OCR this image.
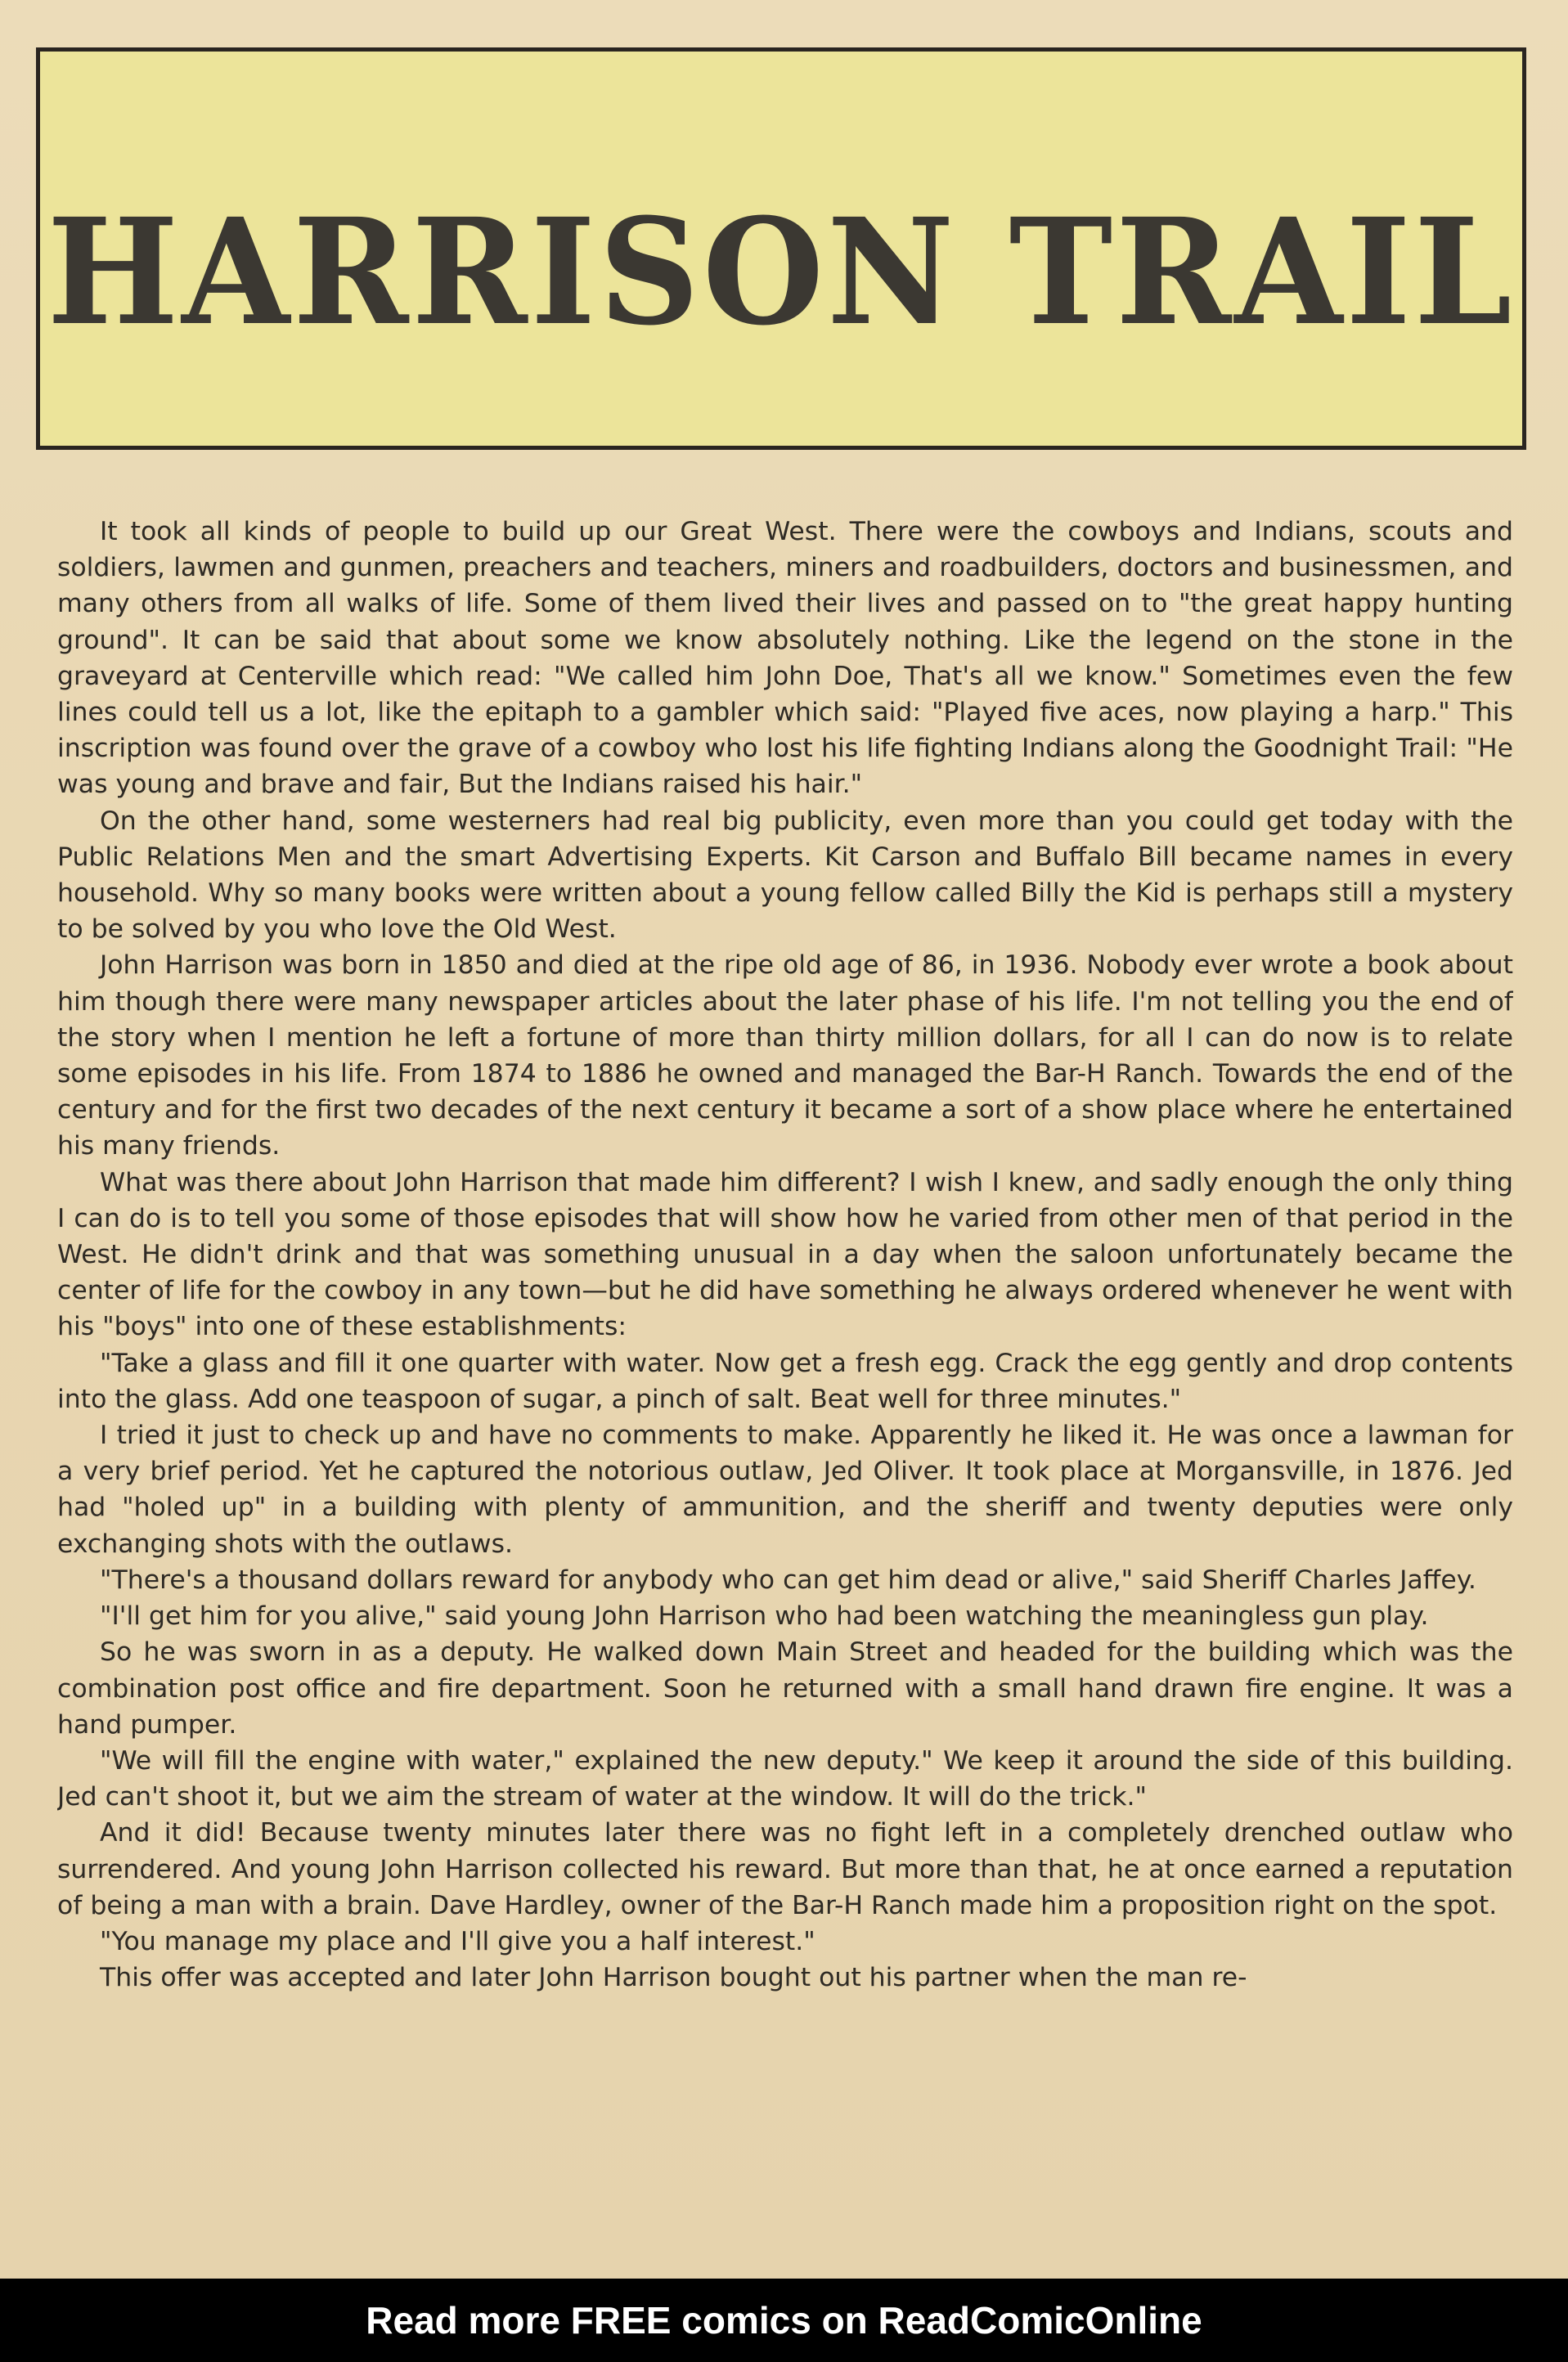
HARRISON TRAIL

It took all kinds of people to build up our Great West. There were the cowboys and Indians, scouts and soldiers, lawmen and gunmen, preachers and teachers, miners and roadbuilders, doctors and businessmen, and many others from all walks of life. Some of them lived their lives and passed on to "the great happy hunting ground". It can be said that about some we know absolutely nothing. Like the legend on the stone in the graveyard at Centerville which read: "We called him John Doe, That's all we know." Sometimes even the few lines could tell us a lot, like the epitaph to a gambler which said: "Played five aces, now playing a harp." This inscription was found over the grave of a cowboy who lost his life fighting Indians along the Goodnight Trail: "He was young and brave and fair, But the Indians raised his hair."

On the other hand, some westerners had real big publicity, even more than you could get today with the Public Relations Men and the smart Advertising Experts. Kit Carson and Buffalo Bill became names in every household. Why so many books were written about a young fellow called Billy the Kid is perhaps still a mystery to be solved by you who love the Old West.

John Harrison was born in 1850 and died at the ripe old age of 86, in 1936. Nobody ever wrote a book about him though there were many newspaper articles about the later phase of his life. I'm not telling you the end of the story when I mention he left a fortune of more than thirty million dollars, for all I can do now is to relate some episodes in his life. From 1874 to 1886 he owned and managed the Bar-H Ranch. Towards the end of the century and for the first two decades of the next century it became a sort of a show place where he entertained his many friends.

What was there about John Harrison that made him different? I wish I knew, and sadly enough the only thing I can do is to tell you some of those episodes that will show how he varied from other men of that period in the West. He didn't drink and that was something unusual in a day when the saloon unfortunately became the center of life for the cowboy in any town—but he did have something he always ordered whenever he went with his "boys" into one of these establishments:

"Take a glass and fill it one quarter with water. Now get a fresh egg. Crack the egg gently and drop contents into the glass. Add one teaspoon of sugar, a pinch of salt. Beat well for three minutes."

I tried it just to check up and have no comments to make. Apparently he liked it. He was once a lawman for a very brief period. Yet he captured the notorious outlaw, Jed Oliver. It took place at Morgansville, in 1876. Jed had "holed up" in a building with plenty of ammunition, and the sheriff and twenty deputies were only exchanging shots with the outlaws.

"There's a thousand dollars reward for anybody who can get him dead or alive," said Sheriff Charles Jaffey.

"I'll get him for you alive," said young John Harrison who had been watching the meaningless gun play.

So he was sworn in as a deputy. He walked down Main Street and headed for the building which was the combination post office and fire department. Soon he returned with a small hand drawn fire engine. It was a hand pumper.

"We will fill the engine with water," explained the new deputy." We keep it around the side of this building. Jed can't shoot it, but we aim the stream of water at the window. It will do the trick."

And it did! Because twenty minutes later there was no fight left in a completely drenched outlaw who surrendered. And young John Harrison collected his reward. But more than that, he at once earned a reputation of being a man with a brain. Dave Hardley, owner of the Bar-H Ranch made him a proposition right on the spot.

"You manage my place and I'll give you a half interest."

This offer was accepted and later John Harrison bought out his partner when the man re-

Read more FREE comics on ReadComicOnline
